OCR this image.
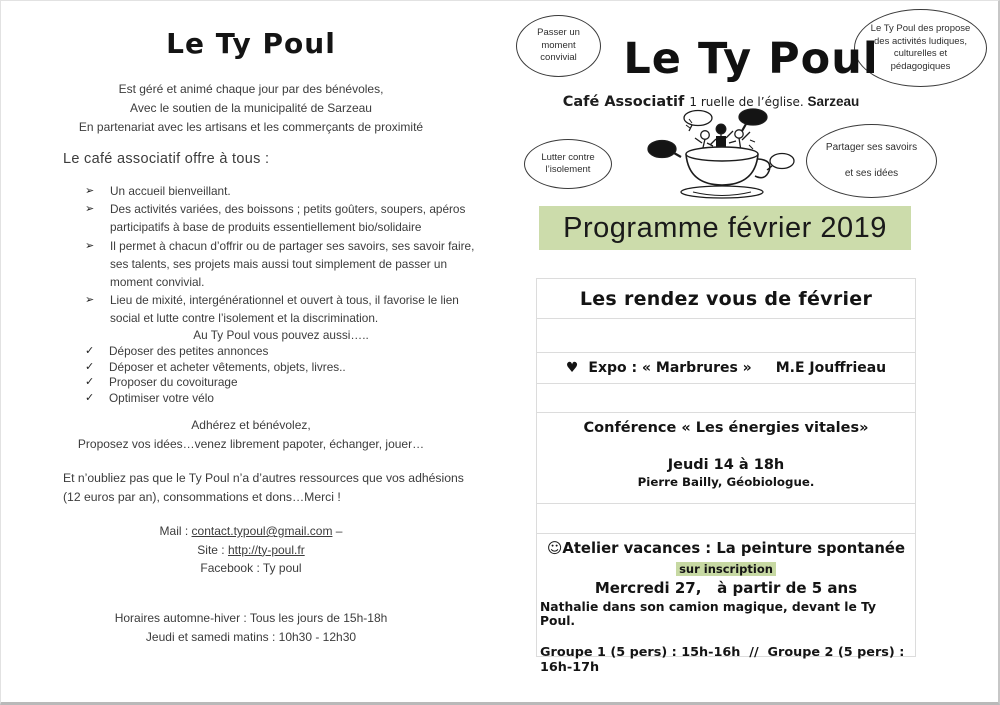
Le Ty Poul
Est géré et animé chaque jour par des bénévoles,
Avec le soutien de la municipalité de Sarzeau
En partenariat avec les artisans et les commerçants de proximité
Le café associatif offre à tous :
➢	Un accueil bienveillant.
➢	Des activités variées, des boissons ; petits goûters, soupers, apéros participatifs à base de produits essentiellement bio/solidaire
➢	Il permet à chacun d’offrir ou de partager ses savoirs, ses savoir faire, ses talents, ses projets mais aussi tout simplement de passer un moment convivial.
➢	Lieu de mixité, intergénérationnel et ouvert à tous, il favorise le lien social et lutte contre l’isolement et la discrimination.
Au Ty Poul vous pouvez aussi…..
✓ Déposer des petites annonces
✓ Déposer et acheter vêtements, objets, livres..
✓ Proposer du covoiturage
✓ Optimiser votre vélo
Adhérez et bénévolez,
Proposez vos idées…venez librement papoter, échanger, jouer…
Et n’oubliez pas que le Ty Poul n’a d’autres ressources que vos adhésions (12 euros par an), consommations et dons…Merci !
Mail : contact.typoul@gmail.com –
Site : http://ty-poul.fr
Facebook : Ty poul
Horaires automne-hiver : Tous les jours de 15h-18h
Jeudi et samedi matins : 10h30 - 12h30
Passer un moment convivial
Le Ty Poul des propose des activités ludiques, culturelles et pédagogiques
Lutter contre l’isolement
Partager ses savoirs
et ses idées
Le Ty Poul
Café Associatif 1 ruelle de l’église. Sarzeau
Programme février 2019
Les rendez vous de février
♥ Expo : « Marbrures » M.E Jouffrieau
Conférence « Les énergies vitales»
Jeudi 14 à 18h
Pierre Bailly, Géobiologue.
☺Atelier vacances : La peinture spontanée
sur inscription
Mercredi 27,   à partir de 5 ans
Nathalie dans son camion magique, devant le Ty Poul.
Groupe 1 (5 pers) : 15h-16h  //  Groupe 2 (5 pers) : 16h-17h
